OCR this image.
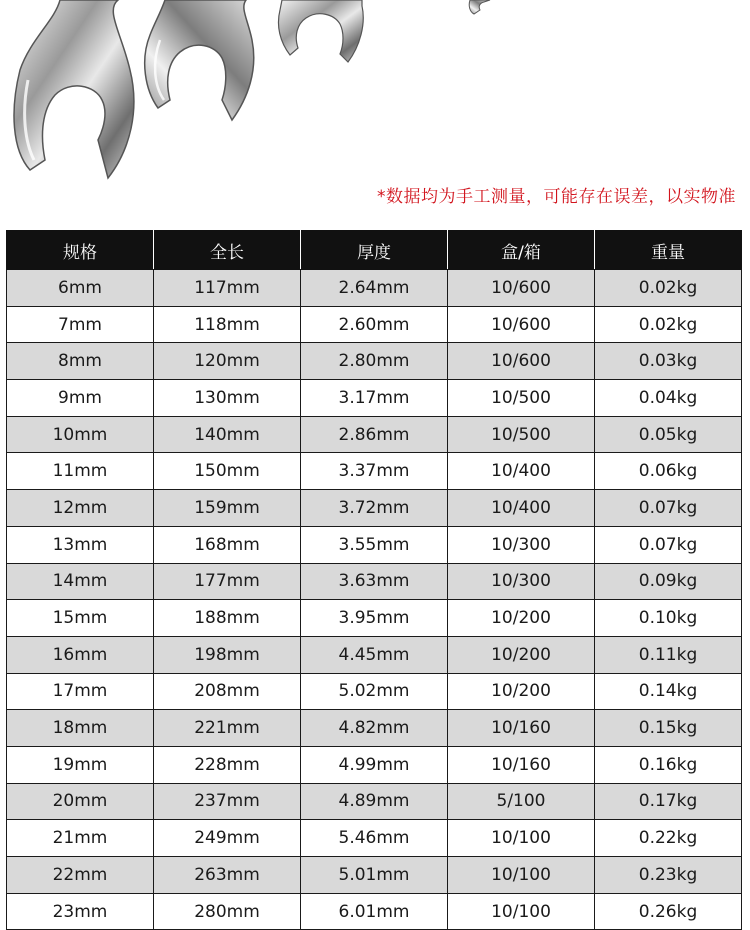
*数据均为手工测量，可能存在误差，以实物准
规格	全长	厚度	盒/箱	重量
6mm	117mm	2.64mm	10/600	0.02kg
7mm	118mm	2.60mm	10/600	0.02kg
8mm	120mm	2.80mm	10/600	0.03kg
9mm	130mm	3.17mm	10/500	0.04kg
10mm	140mm	2.86mm	10/500	0.05kg
11mm	150mm	3.37mm	10/400	0.06kg
12mm	159mm	3.72mm	10/400	0.07kg
13mm	168mm	3.55mm	10/300	0.07kg
14mm	177mm	3.63mm	10/300	0.09kg
15mm	188mm	3.95mm	10/200	0.10kg
16mm	198mm	4.45mm	10/200	0.11kg
17mm	208mm	5.02mm	10/200	0.14kg
18mm	221mm	4.82mm	10/160	0.15kg
19mm	228mm	4.99mm	10/160	0.16kg
20mm	237mm	4.89mm	5/100	0.17kg
21mm	249mm	5.46mm	10/100	0.22kg
22mm	263mm	5.01mm	10/100	0.23kg
23mm	280mm	6.01mm	10/100	0.26kg
